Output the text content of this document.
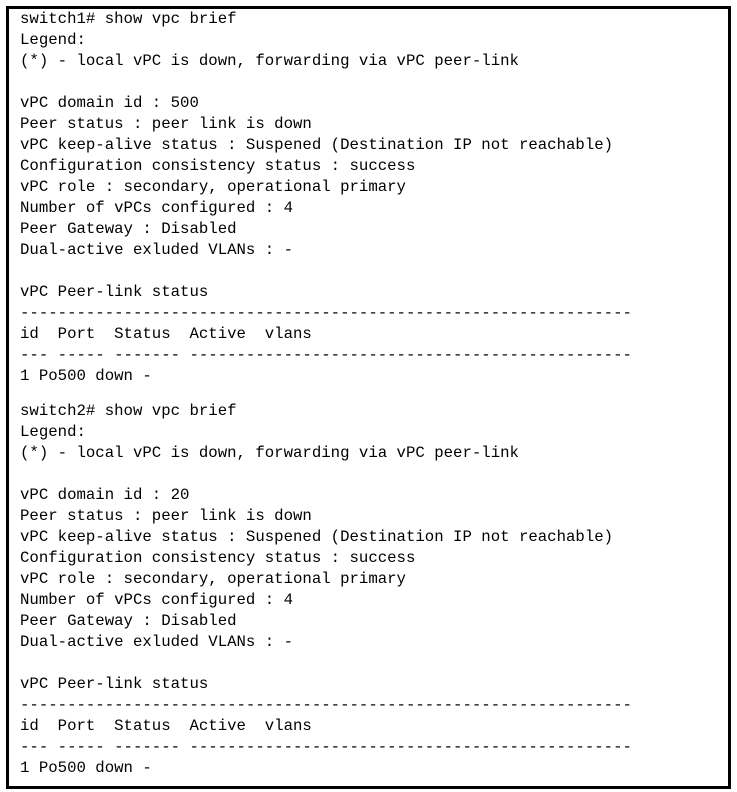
switch1# show vpc brief
Legend:
(*) - local vPC is down, forwarding via vPC peer-link
vPC domain id : 500
Peer status : peer link is down
vPC keep-alive status : Suspened (Destination IP not reachable)
Configuration consistency status : success
vPC role : secondary, operational primary
Number of vPCs configured : 4
Peer Gateway : Disabled
Dual-active exluded VLANs : -
vPC Peer-link status
-----------------------------------------------------------------
id  Port  Status  Active  vlans
--- ----- ------- -----------------------------------------------
1 Po500 down -
switch2# show vpc brief
Legend:
(*) - local vPC is down, forwarding via vPC peer-link
vPC domain id : 20
Peer status : peer link is down
vPC keep-alive status : Suspened (Destination IP not reachable)
Configuration consistency status : success
vPC role : secondary, operational primary
Number of vPCs configured : 4
Peer Gateway : Disabled
Dual-active exluded VLANs : -
vPC Peer-link status
-----------------------------------------------------------------
id  Port  Status  Active  vlans
--- ----- ------- -----------------------------------------------
1 Po500 down -
